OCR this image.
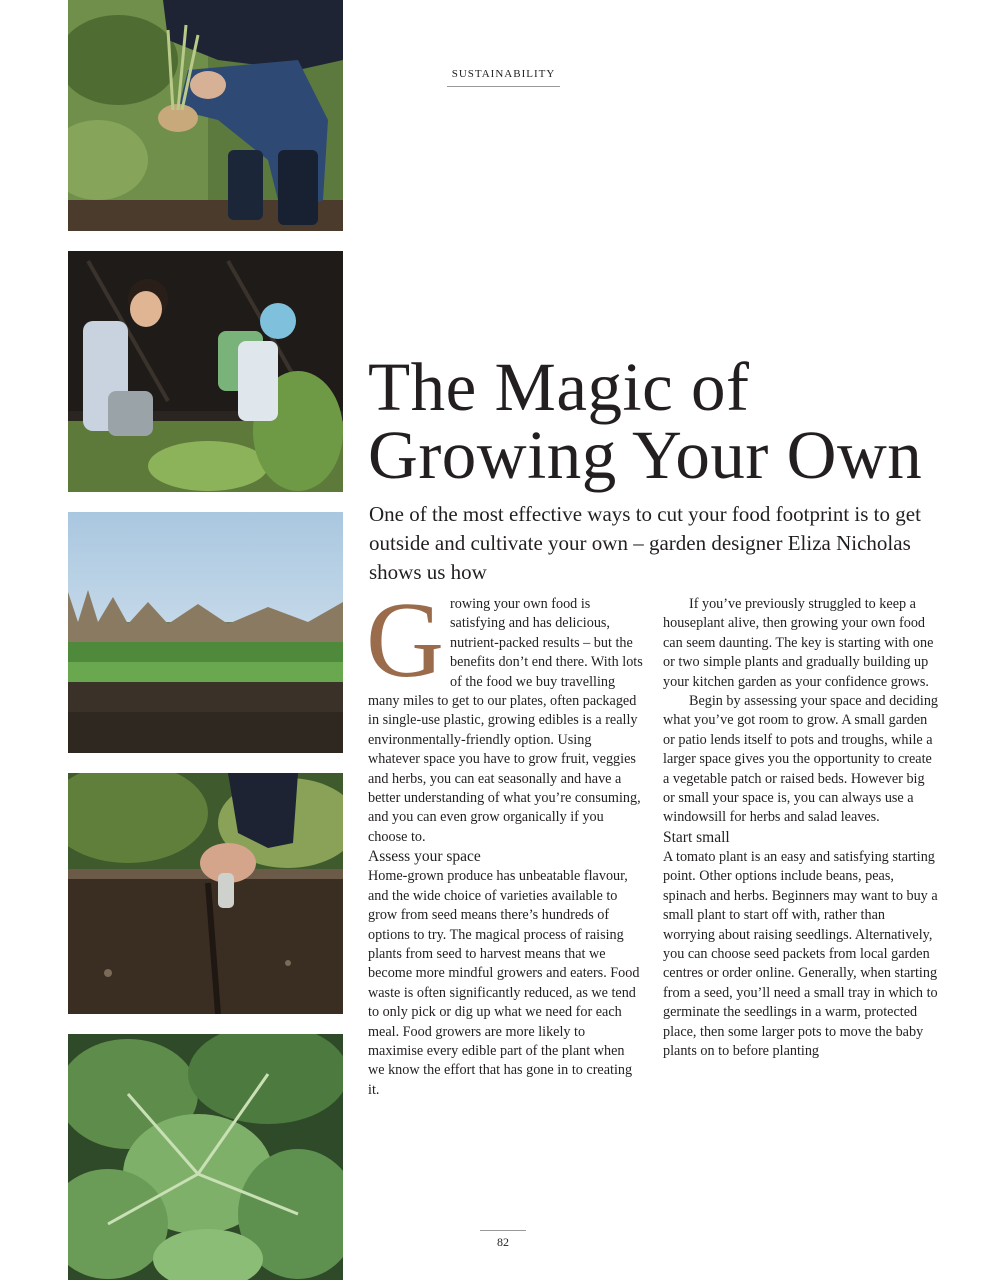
SUSTAINABILITY
The Magic of
Growing Your Own

One of the most effective ways to cut your food footprint is to get outside and cultivate your own – garden designer Eliza Nicholas shows us how

Growing your own food is satisfying and has delicious, nutrient-packed results – but the benefits don’t end there. With lots of the food we buy travelling many miles to get to our plates, often packaged in single-use plastic, growing edibles is a really environmentally-friendly option. Using whatever space you have to grow fruit, veggies and herbs, you can eat seasonally and have a better understanding of what you’re consuming, and you can even grow organically if you choose to.

Assess your space

Home-grown produce has unbeatable flavour, and the wide choice of varieties available to grow from seed means there’s hundreds of options to try. The magical process of raising plants from seed to harvest means that we become more mindful growers and eaters. Food waste is often significantly reduced, as we tend to only pick or dig up what we need for each meal. Food growers are more likely to maximise every edible part of the plant when we know the effort that has gone in to creating it.

If you’ve previously struggled to keep a houseplant alive, then growing your own food can seem daunting. The key is starting with one or two simple plants and gradually building up your kitchen garden as your confidence grows.

Begin by assessing your space and deciding what you’ve got room to grow. A small garden or patio lends itself to pots and troughs, while a larger space gives you the opportunity to create a vegetable patch or raised beds. However big or small your space is, you can always use a windowsill for herbs and salad leaves.

Start small

A tomato plant is an easy and satisfying starting point. Other options include beans, peas, spinach and herbs. Beginners may want to buy a small plant to start off with, rather than worrying about raising seedlings. Alternatively, you can choose seed packets from local garden centres or order online. Generally, when starting from a seed, you’ll need a small tray in which to germinate the seedlings in a warm, protected place, then some larger pots to move the baby plants on to before planting

82
